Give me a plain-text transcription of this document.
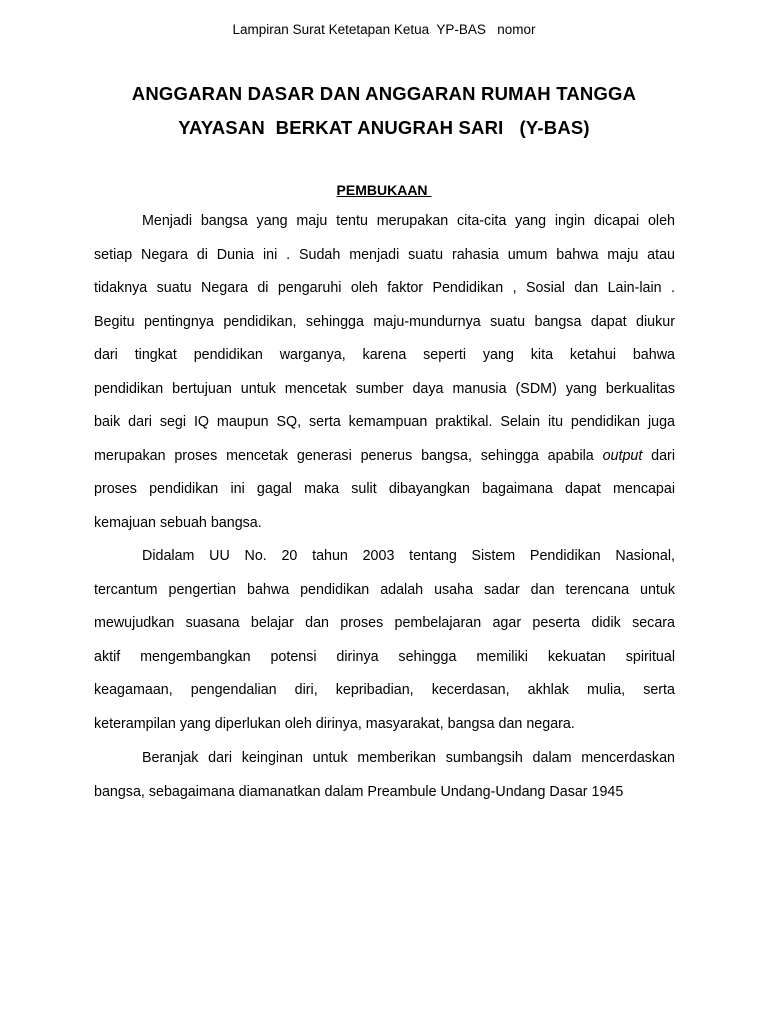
Lampiran Surat Ketetapan Ketua  YP-BAS   nomor
ANGGARAN DASAR DAN ANGGARAN RUMAH TANGGA
YAYASAN  BERKAT ANUGRAH SARI   (Y-BAS)
PEMBUKAAN
Menjadi bangsa yang maju tentu merupakan cita-cita yang ingin dicapai oleh
setiap Negara di Dunia ini . Sudah menjadi suatu rahasia umum bahwa maju atau
tidaknya suatu Negara di pengaruhi oleh faktor Pendidikan , Sosial dan Lain-lain .
Begitu pentingnya pendidikan, sehingga maju-mundurnya suatu bangsa dapat diukur
dari tingkat pendidikan warganya, karena seperti yang kita ketahui bahwa
pendidikan bertujuan untuk mencetak sumber daya manusia (SDM) yang berkualitas
baik dari segi IQ maupun SQ, serta kemampuan praktikal. Selain itu pendidikan juga
merupakan proses mencetak generasi penerus bangsa, sehingga apabila output dari
proses pendidikan ini gagal maka sulit dibayangkan bagaimana dapat mencapai
kemajuan sebuah bangsa.
Didalam UU No. 20 tahun 2003 tentang Sistem Pendidikan Nasional,
tercantum pengertian bahwa pendidikan adalah usaha sadar dan terencana untuk
mewujudkan suasana belajar dan proses pembelajaran agar peserta didik secara
aktif mengembangkan potensi dirinya sehingga memiliki kekuatan spiritual
keagamaan, pengendalian diri, kepribadian, kecerdasan, akhlak mulia, serta
keterampilan yang diperlukan oleh dirinya, masyarakat, bangsa dan negara.
Beranjak dari keinginan untuk memberikan sumbangsih dalam mencerdaskan
bangsa, sebagaimana diamanatkan dalam Preambule Undang-Undang Dasar 1945
